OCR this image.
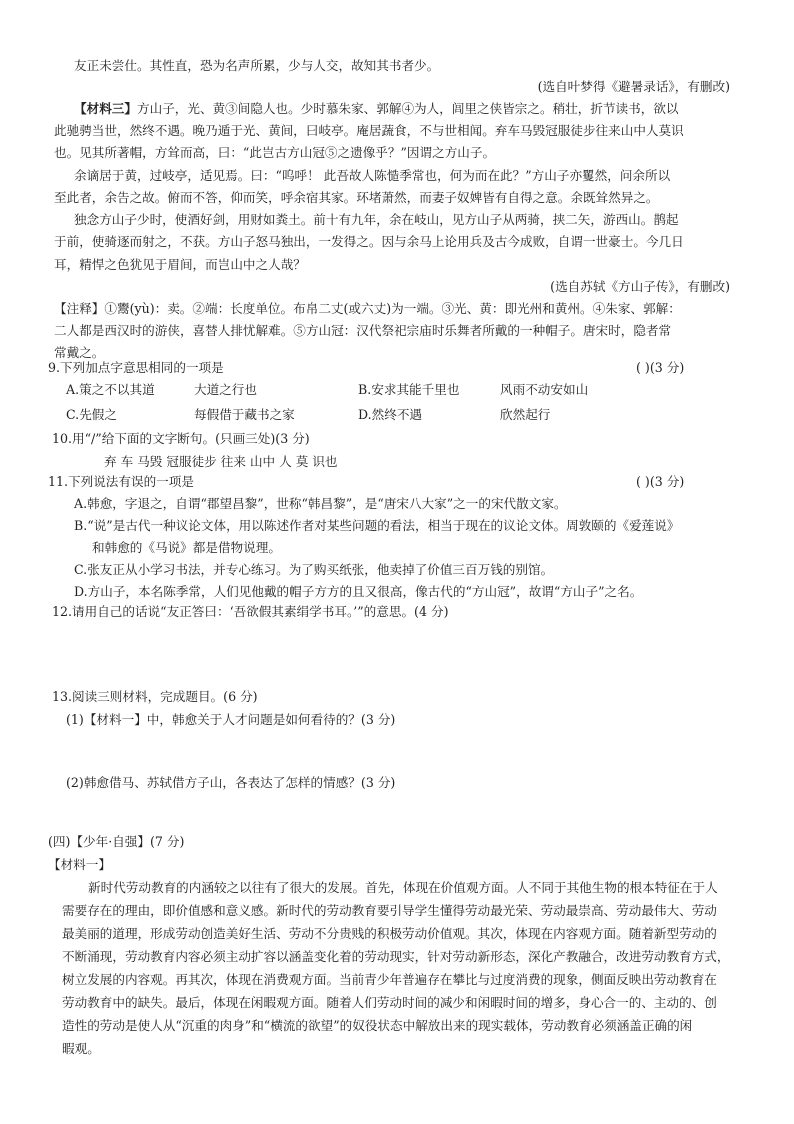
友正未尝仕。其性直，恐为名声所累，少与人交，故知其书者少。
(选自叶梦得《避暑录话》，有删改)
【材料三】方山子，光、黄③间隐人也。少时慕朱家、郭解④为人，闾里之侠皆宗之。稍壮，折节读书，欲以
此驰骋当世，然终不遇。晚乃遁于光、黄间，曰岐亭。庵居蔬食，不与世相闻。弃车马毁冠服徒步往来山中人莫识
也。见其所著帽，方耸而高，曰：“此岂古方山冠⑤之遗像乎？”因谓之方山子。
余谪居于黄，过岐亭，适见焉。曰：“呜呼！ 此吾故人陈慥季常也，何为而在此？”方山子亦矍然，问余所以
至此者，余告之故。俯而不答，仰而笑，呼余宿其家。环堵萧然，而妻子奴婢皆有自得之意。余既耸然异之。
独念方山子少时，使酒好剑，用财如粪土。前十有九年，余在岐山，见方山子从两骑，挟二矢，游西山。鹊起
于前，使骑逐而射之，不获。方山子怒马独出，一发得之。因与余马上论用兵及古今成败，自谓一世豪士。今几日
耳，精悍之色犹见于眉间，而岂山中之人哉？
(选自苏轼《方山子传》，有删改)
【注释】①鬻(yù)：卖。②端：长度单位。布帛二丈(或六丈)为一端。③光、黄：即光州和黄州。④朱家、郭解：
二人都是西汉时的游侠，喜替人排忧解难。⑤方山冠：汉代祭祀宗庙时乐舞者所戴的一种帽子。唐宋时，隐者常
常戴之。
9.下列加点字意思相同的一项是	( )(3 分)
A.策之不以其道	大道之行也	B.安求其能千里也	风雨不动安如山
C.先假之	每假借于藏书之家	D.然终不遇	欣然起行
10.用“/”给下面的文字断句。(只画三处)(3 分)
弃 车 马毁 冠服徒步 往来 山中 人 莫 识也
11.下列说法有误的一项是	( )(3 分)
A.韩愈，字退之，自谓“郡望昌黎”，世称“韩昌黎”，是“唐宋八大家”之一的宋代散文家。
B.“说”是古代一种议论文体，用以陈述作者对某些问题的看法，相当于现在的议论文体。周敦颐的《爱莲说》
和韩愈的《马说》都是借物说理。
C.张友正从小学习书法，并专心练习。为了购买纸张，他卖掉了价值三百万钱的别馆。
D.方山子，本名陈季常，人们见他戴的帽子方方的且又很高，像古代的“方山冠”，故谓“方山子”之名。
12.请用自己的话说“友正答曰：‘吾欲假其素绢学书耳。’”的意思。(4 分)
13.阅读三则材料，完成题目。(6 分)
(1)【材料一】中，韩愈关于人才问题是如何看待的？(3 分)
(2)韩愈借马、苏轼借方子山，各表达了怎样的情感？(3 分)
(四)【少年·自强】(7 分)
【材料一】
新时代劳动教育的内涵较之以往有了很大的发展。首先，体现在价值观方面。人不同于其他生物的根本特征在于人
需要存在的理由，即价值感和意义感。新时代的劳动教育要引导学生懂得劳动最光荣、劳动最崇高、劳动最伟大、劳动
最美丽的道理，形成劳动创造美好生活、劳动不分贵贱的积极劳动价值观。其次，体现在内容观方面。随着新型劳动的
不断涌现，劳动教育内容必须主动扩容以涵盖变化着的劳动现实，针对劳动新形态，深化产教融合，改进劳动教育方式，
树立发展的内容观。再其次，体现在消费观方面。当前青少年普遍存在攀比与过度消费的现象，侧面反映出劳动教育在
劳动教育中的缺失。最后，体现在闲暇观方面。随着人们劳动时间的减少和闲暇时间的增多，身心合一的、主动的、创
造性的劳动是使人从“沉重的肉身”和“横流的欲望”的奴役状态中解放出来的现实载体，劳动教育必须涵盖正确的闲
暇观。
